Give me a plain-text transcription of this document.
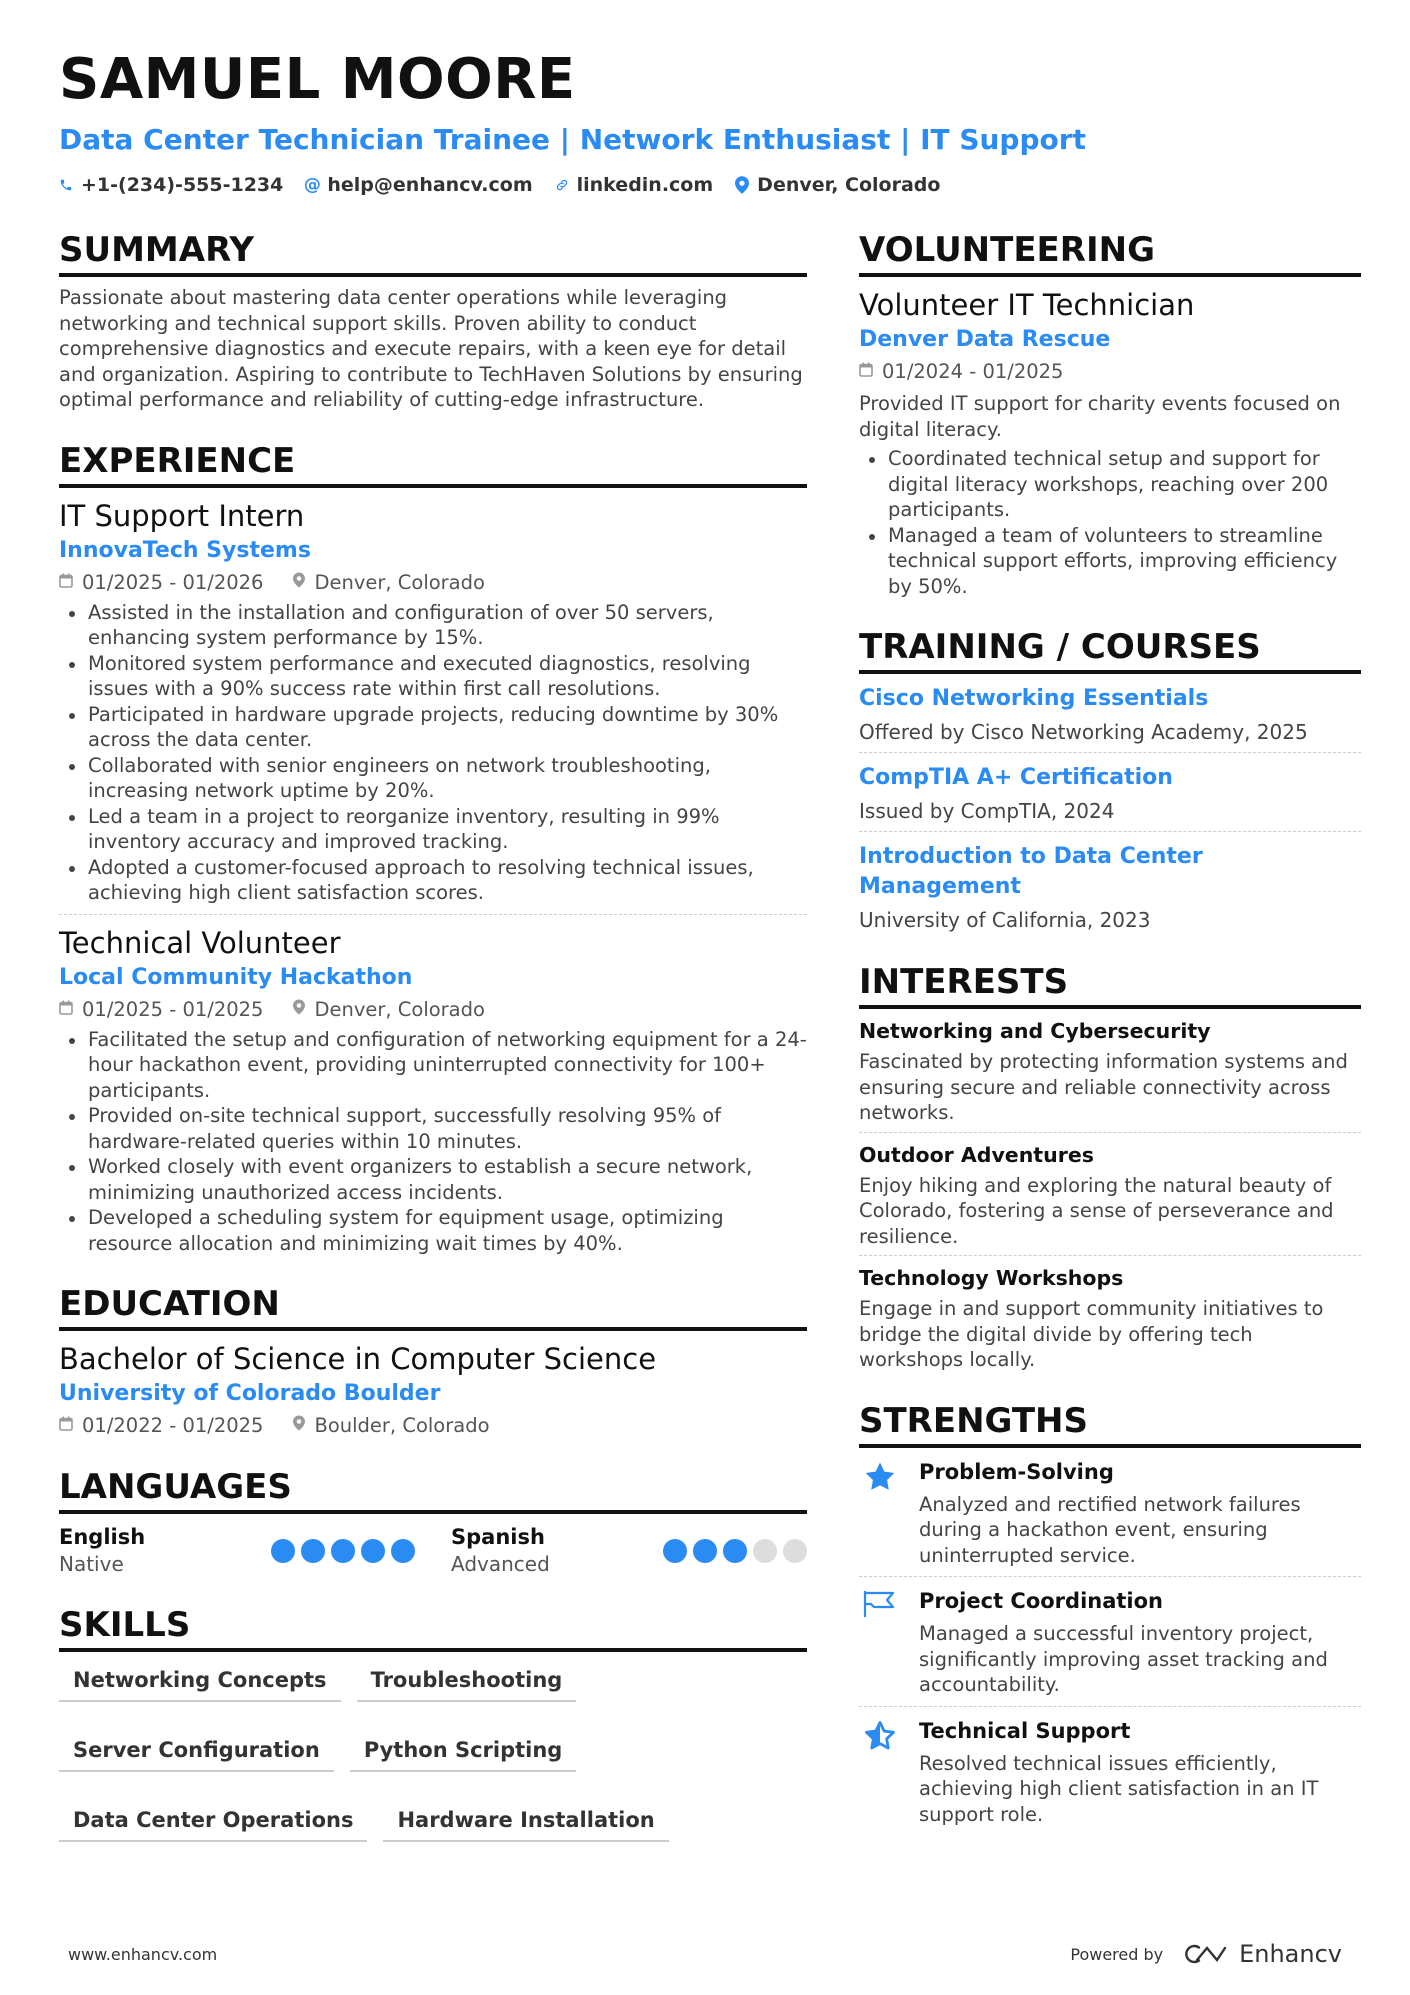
SAMUEL MOORE
Data Center Technician Trainee | Network Enthusiast | IT Support
+1-(234)-555-1234 @ help@enhancv.com linkedin.com Denver, Colorado
SUMMARY
Passionate about mastering data center operations while leveraging networking and technical support skills. Proven ability to conduct comprehensive diagnostics and execute repairs, with a keen eye for detail and organization. Aspiring to contribute to TechHaven Solutions by ensuring optimal performance and reliability of cutting-edge infrastructure.
EXPERIENCE
IT Support Intern
InnovaTech Systems
01/2025 - 01/2026	Denver, Colorado
Assisted in the installation and configuration of over 50 servers, enhancing system performance by 15%.
Monitored system performance and executed diagnostics, resolving issues with a 90% success rate within first call resolutions.
Participated in hardware upgrade projects, reducing downtime by 30% across the data center.
Collaborated with senior engineers on network troubleshooting, increasing network uptime by 20%.
Led a team in a project to reorganize inventory, resulting in 99% inventory accuracy and improved tracking.
Adopted a customer-focused approach to resolving technical issues, achieving high client satisfaction scores.
Technical Volunteer
Local Community Hackathon
01/2025 - 01/2025	Denver, Colorado
Facilitated the setup and configuration of networking equipment for a 24-hour hackathon event, providing uninterrupted connectivity for 100+ participants.
Provided on-site technical support, successfully resolving 95% of hardware-related queries within 10 minutes.
Worked closely with event organizers to establish a secure network, minimizing unauthorized access incidents.
Developed a scheduling system for equipment usage, optimizing resource allocation and minimizing wait times by 40%.
EDUCATION
Bachelor of Science in Computer Science
University of Colorado Boulder
01/2022 - 01/2025	Boulder, Colorado
LANGUAGES
English
Native
Spanish
Advanced
SKILLS
Networking Concepts	Troubleshooting
Server Configuration	Python Scripting
Data Center Operations	Hardware Installation
VOLUNTEERING
Volunteer IT Technician
Denver Data Rescue
01/2024 - 01/2025
Provided IT support for charity events focused on digital literacy.
Coordinated technical setup and support for digital literacy workshops, reaching over 200 participants.
Managed a team of volunteers to streamline technical support efforts, improving efficiency by 50%.
TRAINING / COURSES
Cisco Networking Essentials
Offered by Cisco Networking Academy, 2025
CompTIA A+ Certification
Issued by CompTIA, 2024
Introduction to Data Center Management
University of California, 2023
INTERESTS
Networking and Cybersecurity
Fascinated by protecting information systems and ensuring secure and reliable connectivity across networks.
Outdoor Adventures
Enjoy hiking and exploring the natural beauty of Colorado, fostering a sense of perseverance and resilience.
Technology Workshops
Engage in and support community initiatives to bridge the digital divide by offering tech workshops locally.
STRENGTHS
Problem-Solving
Analyzed and rectified network failures during a hackathon event, ensuring uninterrupted service.
Project Coordination
Managed a successful inventory project, significantly improving asset tracking and accountability.
Technical Support
Resolved technical issues efficiently, achieving high client satisfaction in an IT support role.
www.enhancv.com	Powered by	Enhancv
